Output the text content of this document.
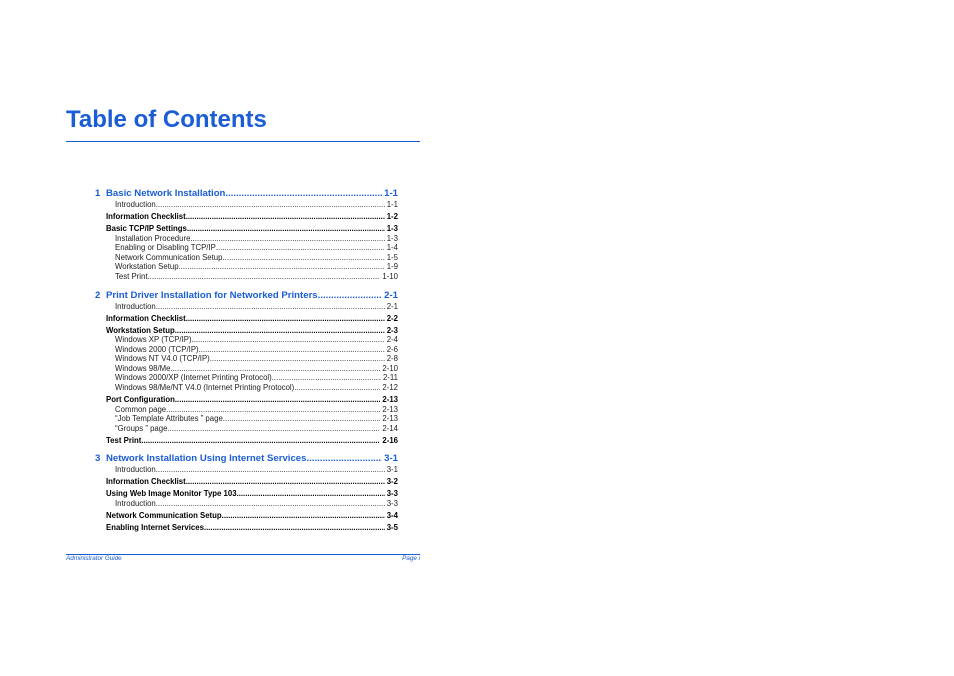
Table of Contents
1 Basic Network Installation .....	1-1
Introduction .....	1-1
Information Checklist .....	1-2
Basic TCP/IP Settings .....	1-3
Installation Procedure .....	1-3
Enabling or Disabling TCP/IP .....	1-4
Network Communication Setup .....	1-5
Workstation Setup .....	1-9
Test Print .....	1-10
2 Print Driver Installation for Networked Printers .....	2-1
Introduction .....	2-1
Information Checklist .....	2-2
Workstation Setup .....	2-3
Windows XP (TCP/IP) .....	2-4
Windows 2000 (TCP/IP) .....	2-6
Windows NT V4.0 (TCP/IP) .....	2-8
Windows 98/Me .....	2-10
Windows 2000/XP (Internet Printing Protocol) .....	2-11
Windows 98/Me/NT V4.0 (Internet Printing Protocol) .....	2-12
Port Configuration .....	2-13
Common page .....	2-13
“Job Template Attributes ” page .....	2-13
“Groups ” page .....	2-14
Test Print .....	2-16
3 Network Installation Using Internet Services .....	3-1
Introduction .....	3-1
Information Checklist .....	3-2
Using Web Image Monitor Type 103 .....	3-3
Introduction .....	3-3
Network Communication Setup .....	3-4
Enabling Internet Services .....	3-5
Administrator Guide	Page i
